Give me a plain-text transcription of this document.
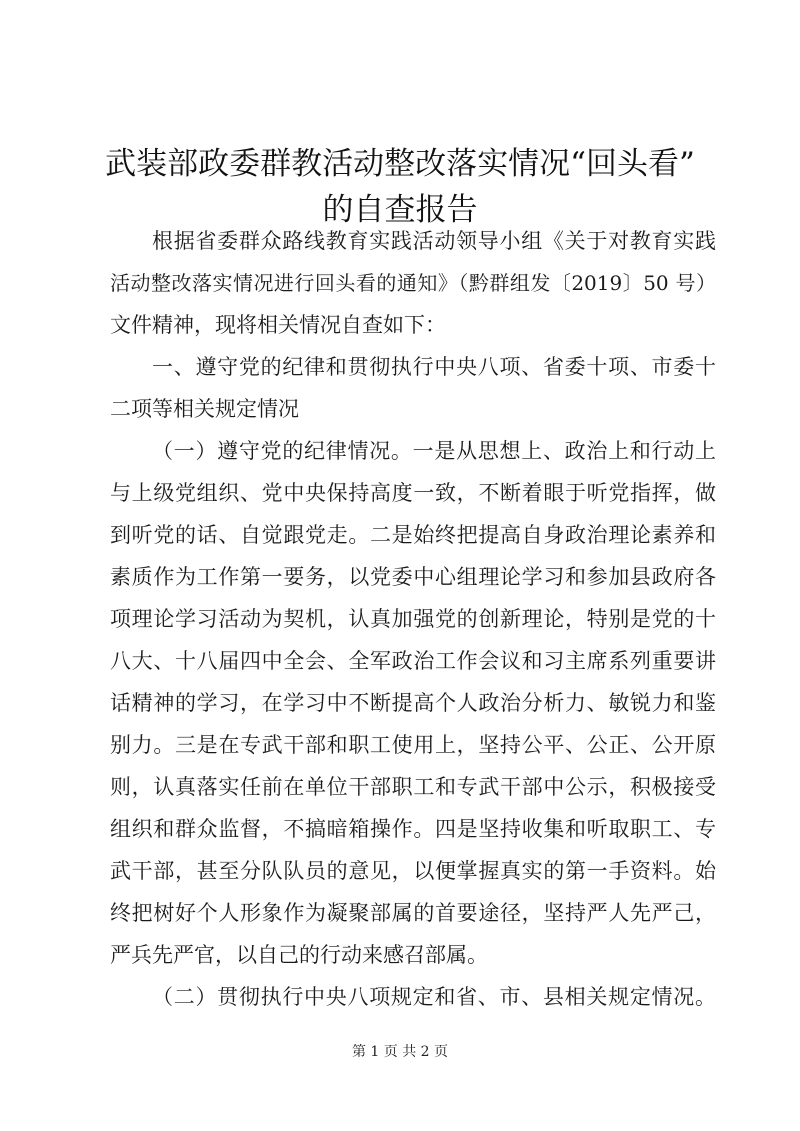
武装部政委群教活动整改落实情况“回头看”
的自查报告
根据省委群众路线教育实践活动领导小组《关于对教育实践
活动整改落实情况进行回头看的通知》（黔群组发〔2019〕50 号）
文件精神，现将相关情况自查如下：
一、遵守党的纪律和贯彻执行中央八项、省委十项、市委十
二项等相关规定情况
（一）遵守党的纪律情况。一是从思想上、政治上和行动上
与上级党组织、党中央保持高度一致，不断着眼于听党指挥，做
到听党的话、自觉跟党走。二是始终把提高自身政治理论素养和
素质作为工作第一要务，以党委中心组理论学习和参加县政府各
项理论学习活动为契机，认真加强党的创新理论，特别是党的十
八大、十八届四中全会、全军政治工作会议和习主席系列重要讲
话精神的学习，在学习中不断提高个人政治分析力、敏锐力和鉴
别力。三是在专武干部和职工使用上，坚持公平、公正、公开原
则，认真落实任前在单位干部职工和专武干部中公示，积极接受
组织和群众监督，不搞暗箱操作。四是坚持收集和听取职工、专
武干部，甚至分队队员的意见，以便掌握真实的第一手资料。始
终把树好个人形象作为凝聚部属的首要途径，坚持严人先严己，
严兵先严官，以自己的行动来感召部属。
（二）贯彻执行中央八项规定和省、市、县相关规定情况。
第 1 页 共 2 页
